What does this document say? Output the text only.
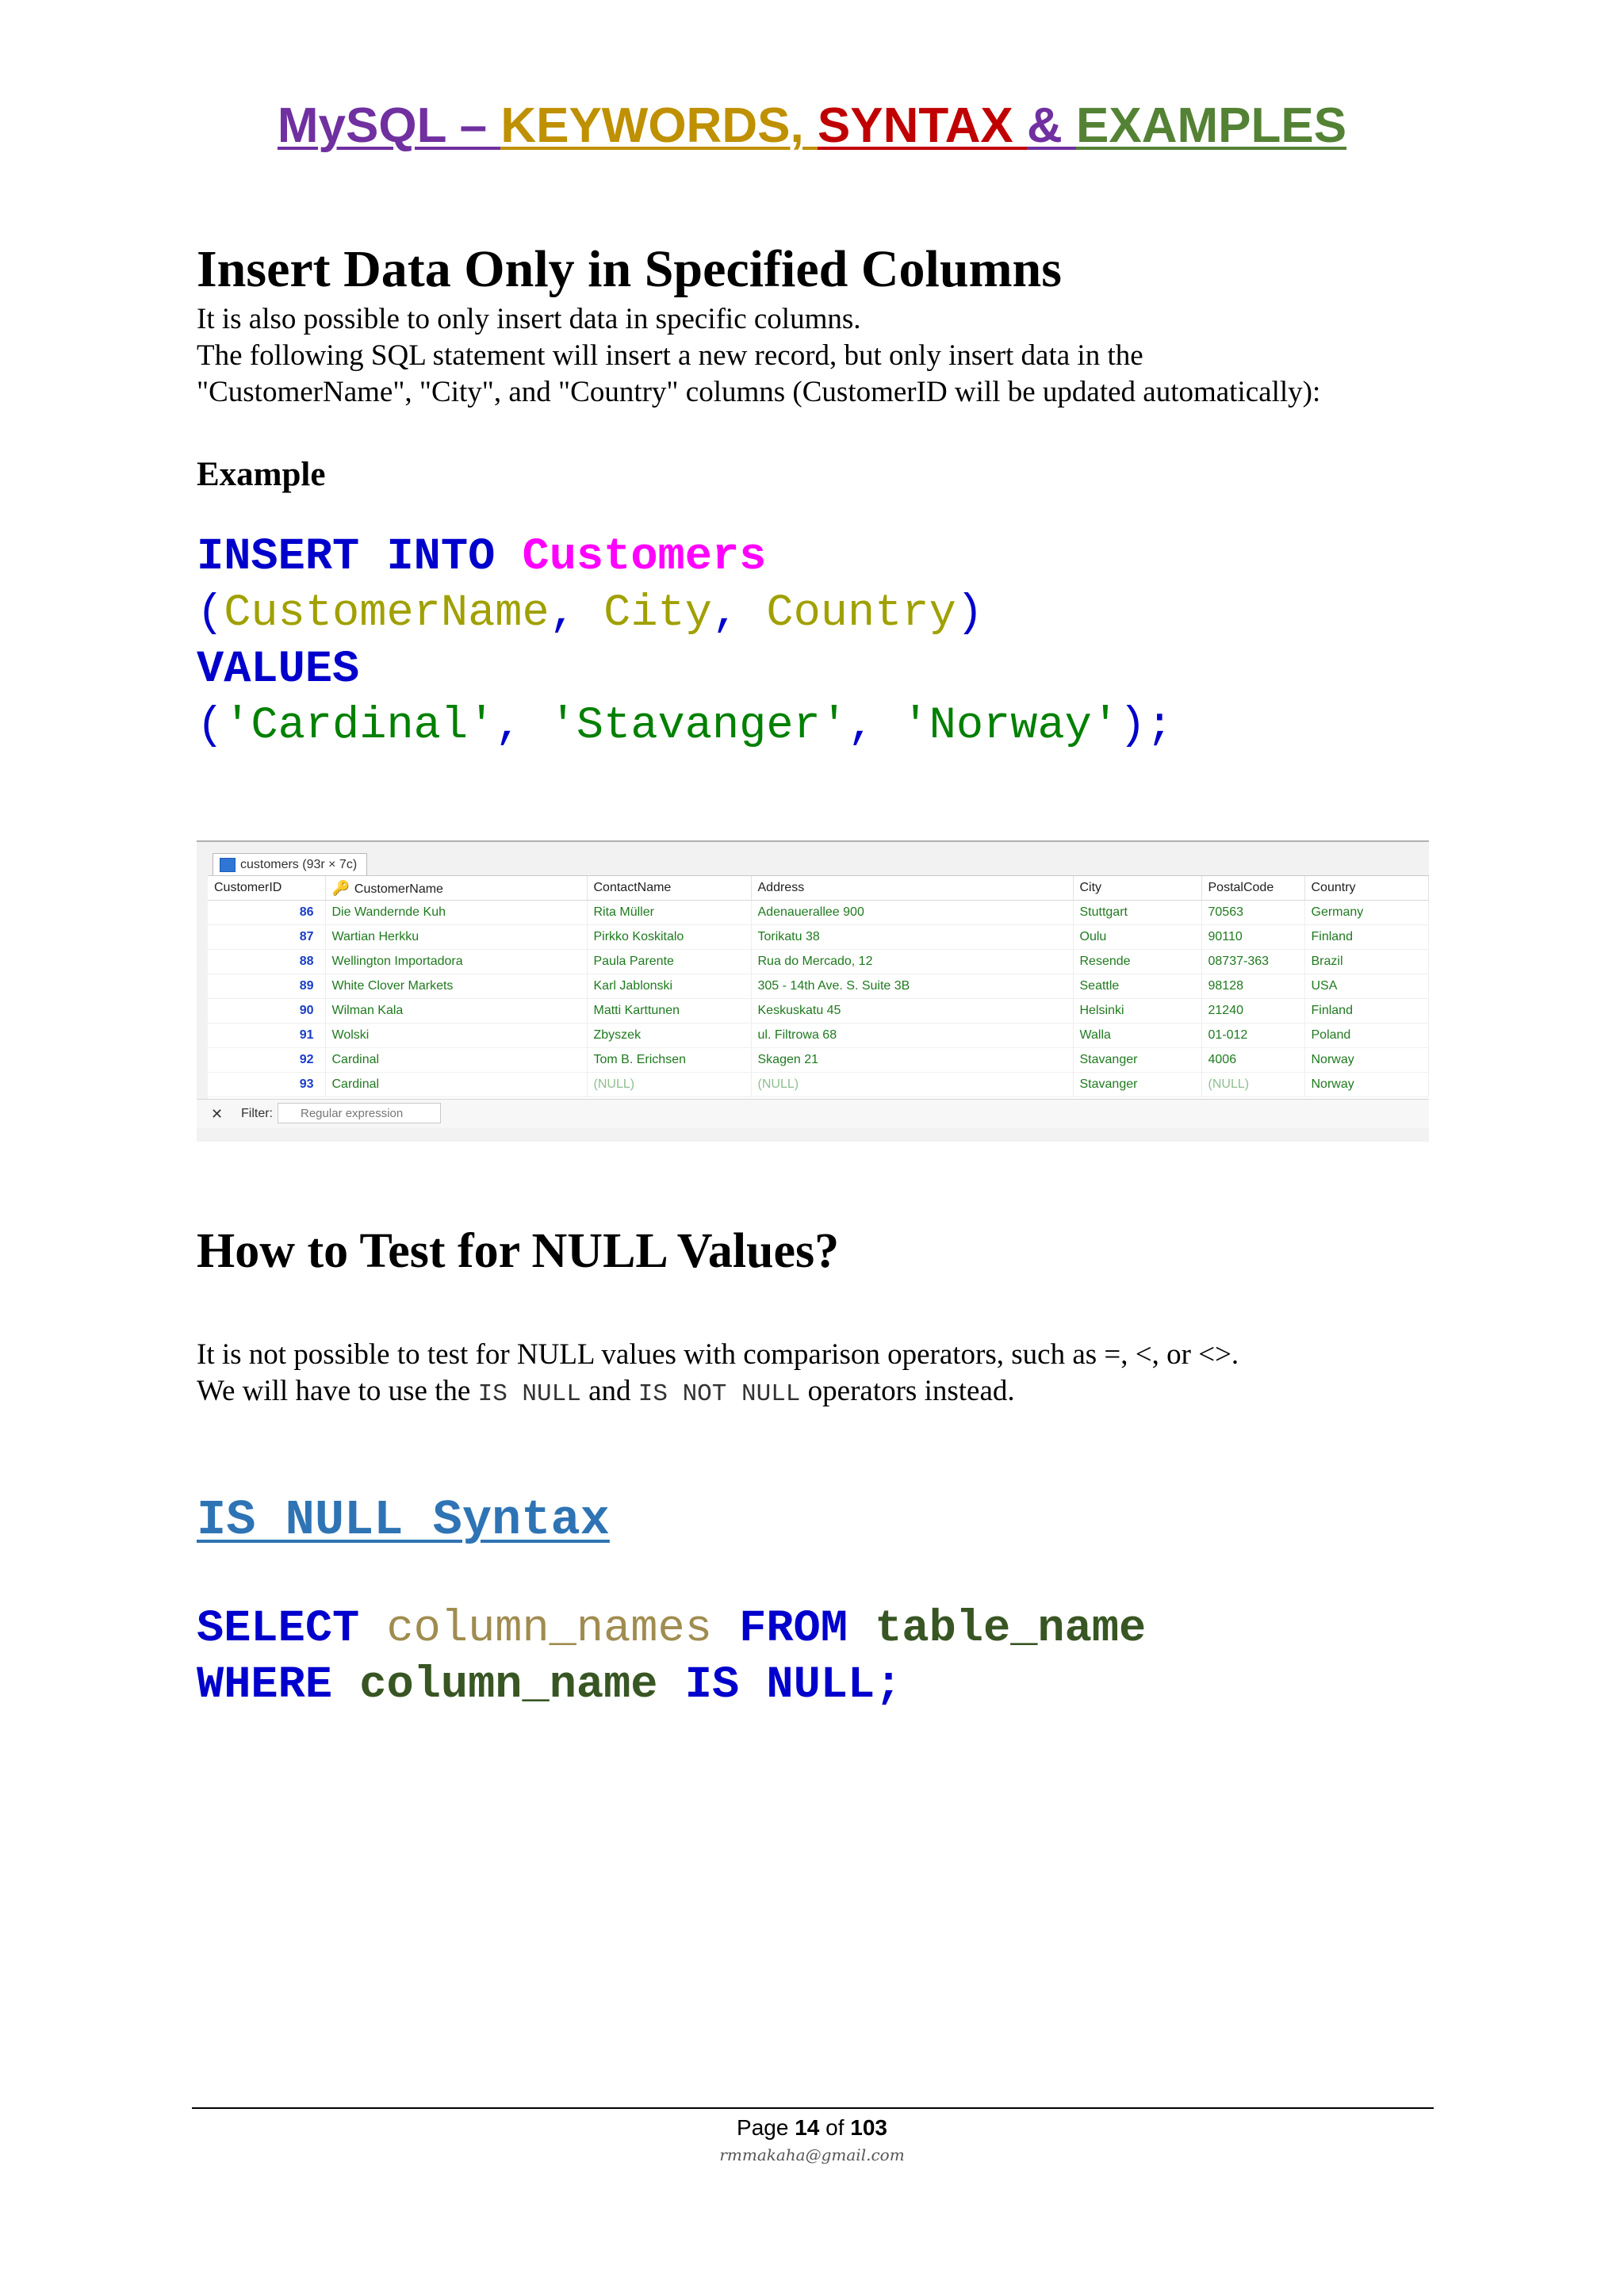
MySQL – KEYWORDS, SYNTAX & EXAMPLES
Insert Data Only in Specified Columns
It is also possible to only insert data in specific columns.
The following SQL statement will insert a new record, but only insert data in the
"CustomerName", "City", and "Country" columns (CustomerID will be updated automatically):
Example
INSERT INTO Customers
(CustomerName, City, Country)
VALUES
('Cardinal', 'Stavanger', 'Norway');
customers (93r × 7c)
CustomerID	🔑 CustomerName	ContactName	Address	City	PostalCode	Country
86	Die Wandernde Kuh	Rita Müller	Adenauerallee 900	Stuttgart	70563	Germany
87	Wartian Herkku	Pirkko Koskitalo	Torikatu 38	Oulu	90110	Finland
88	Wellington Importadora	Paula Parente	Rua do Mercado, 12	Resende	08737-363	Brazil
89	White Clover Markets	Karl Jablonski	305 - 14th Ave. S. Suite 3B	Seattle	98128	USA
90	Wilman Kala	Matti Karttunen	Keskuskatu 45	Helsinki	21240	Finland
91	Wolski	Zbyszek	ul. Filtrowa 68	Walla	01-012	Poland
92	Cardinal	Tom B. Erichsen	Skagen 21	Stavanger	4006	Norway
93	Cardinal	(NULL)	(NULL)	Stavanger	(NULL)	Norway
✕ Filter:	Regular expression
How to Test for NULL Values?
It is not possible to test for NULL values with comparison operators, such as =, <, or <>.
We will have to use the IS NULL and IS NOT NULL operators instead.
IS NULL Syntax
SELECT column_names FROM table_name
WHERE column_name IS NULL;
Page 14 of 103
rmmakaha@gmail.com
